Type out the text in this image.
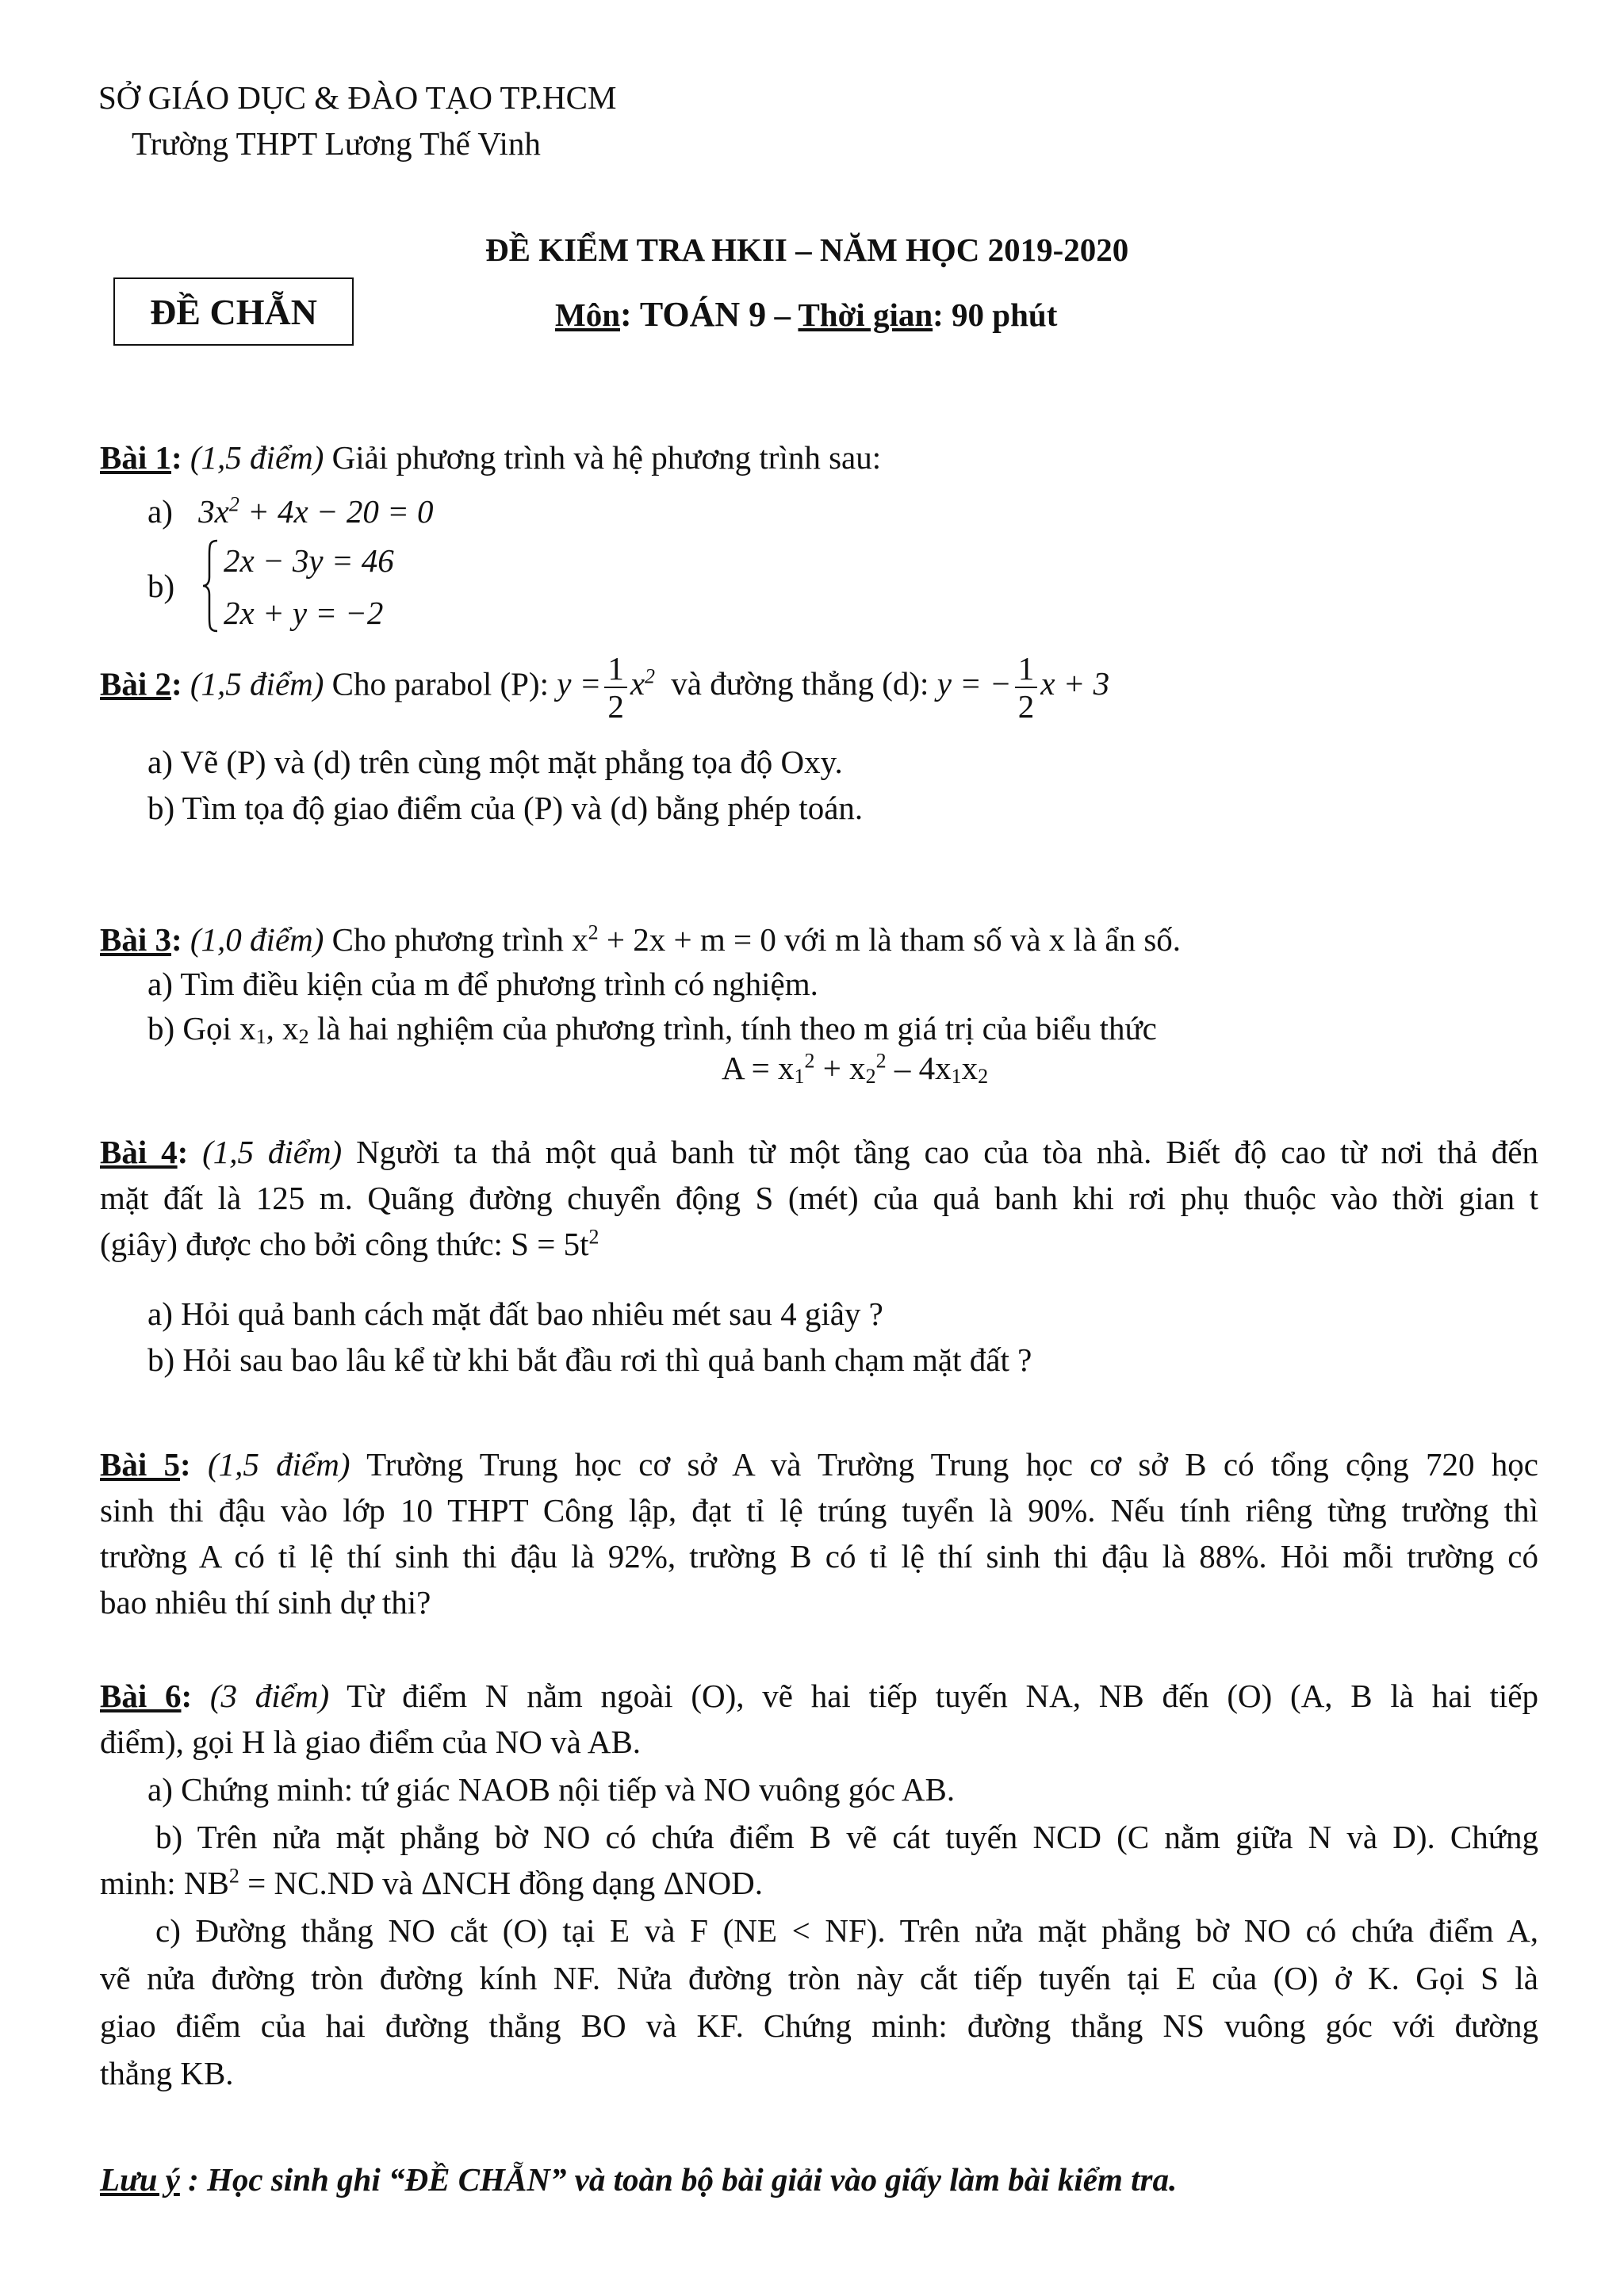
SỞ GIÁO DỤC & ĐÀO TẠO TP.HCM
Trường THPT Lương Thế Vinh
ĐỀ KIỂM TRA HKII – NĂM HỌC 2019-2020
ĐỀ CHẴN	Môn: TOÁN 9 – Thời gian: 90 phút
Bài 1: (1,5 điểm) Giải phương trình và hệ phương trình sau:
a) $3x^2 + 4x - 20 = 0$
b)
2x − 3y = 46
2x + y = −2
Bài 2: (1,5 điểm) Cho parabol (P): $y = \frac{1}{2} x^2$ và đường thẳng (d): y = − $\frac{1}{2}$ x + 3
a) Vẽ (P) và (d) trên cùng một mặt phẳng tọa độ Oxy.
b) Tìm tọa độ giao điểm của (P) và (d) bằng phép toán.
Bài 3: (1,0 điểm) Cho phương trình $x^2 + 2x + m = 0$ với m là tham số và x là ẩn số.
a) Tìm điều kiện của m để phương trình có nghiệm.
b) Gọi $x_1$, $x_2$ là hai nghiệm của phương trình, tính theo m giá trị của biểu thức
$A = x_1^2 + x_2^2 - 4x_1x_2$
Bài 4: (1,5 điểm) Người ta thả một quả banh từ một tầng cao của tòa nhà. Biết độ cao từ nơi thả đến
mặt đất là 125 m. Quãng đường chuyển động S (mét) của quả banh khi rơi phụ thuộc vào thời gian t
(giây) được cho bởi công thức: $S = 5t^2$
a) Hỏi quả banh cách mặt đất bao nhiêu mét sau 4 giây ?
b) Hỏi sau bao lâu kể từ khi bắt đầu rơi thì quả banh chạm mặt đất ?
Bài 5: (1,5 điểm) Trường Trung học cơ sở A và Trường Trung học cơ sở B có tổng cộng 720 học
sinh thi đậu vào lớp 10 THPT Công lập, đạt tỉ lệ trúng tuyển là 90%. Nếu tính riêng từng trường thì
trường A có tỉ lệ thí sinh thi đậu là 92%, trường B có tỉ lệ thí sinh thi đậu là 88%. Hỏi mỗi trường có
bao nhiêu thí sinh dự thi?
Bài 6: (3 điểm) Từ điểm N nằm ngoài (O), vẽ hai tiếp tuyến NA, NB đến (O) (A, B là hai tiếp
điểm), gọi H là giao điểm của NO và AB.
a) Chứng minh: tứ giác NAOB nội tiếp và NO vuông góc AB.
b) Trên nửa mặt phẳng bờ NO có chứa điểm B vẽ cát tuyến NCD (C nằm giữa N và D). Chứng
minh: $NB^2 = NC.ND$ và ΔNCH đồng dạng ΔNOD.
c) Đường thẳng NO cắt (O) tại E và F (NE < NF). Trên nửa mặt phẳng bờ NO có chứa điểm A,
vẽ nửa đường tròn đường kính NF. Nửa đường tròn này cắt tiếp tuyến tại E của (O) ở K. Gọi S là
giao điểm của hai đường thẳng BO và KF. Chứng minh: đường thẳng NS vuông góc với đường
thẳng KB.
Lưu ý : Học sinh ghi “ĐỀ CHẴN” và toàn bộ bài giải vào giấy làm bài kiểm tra.
